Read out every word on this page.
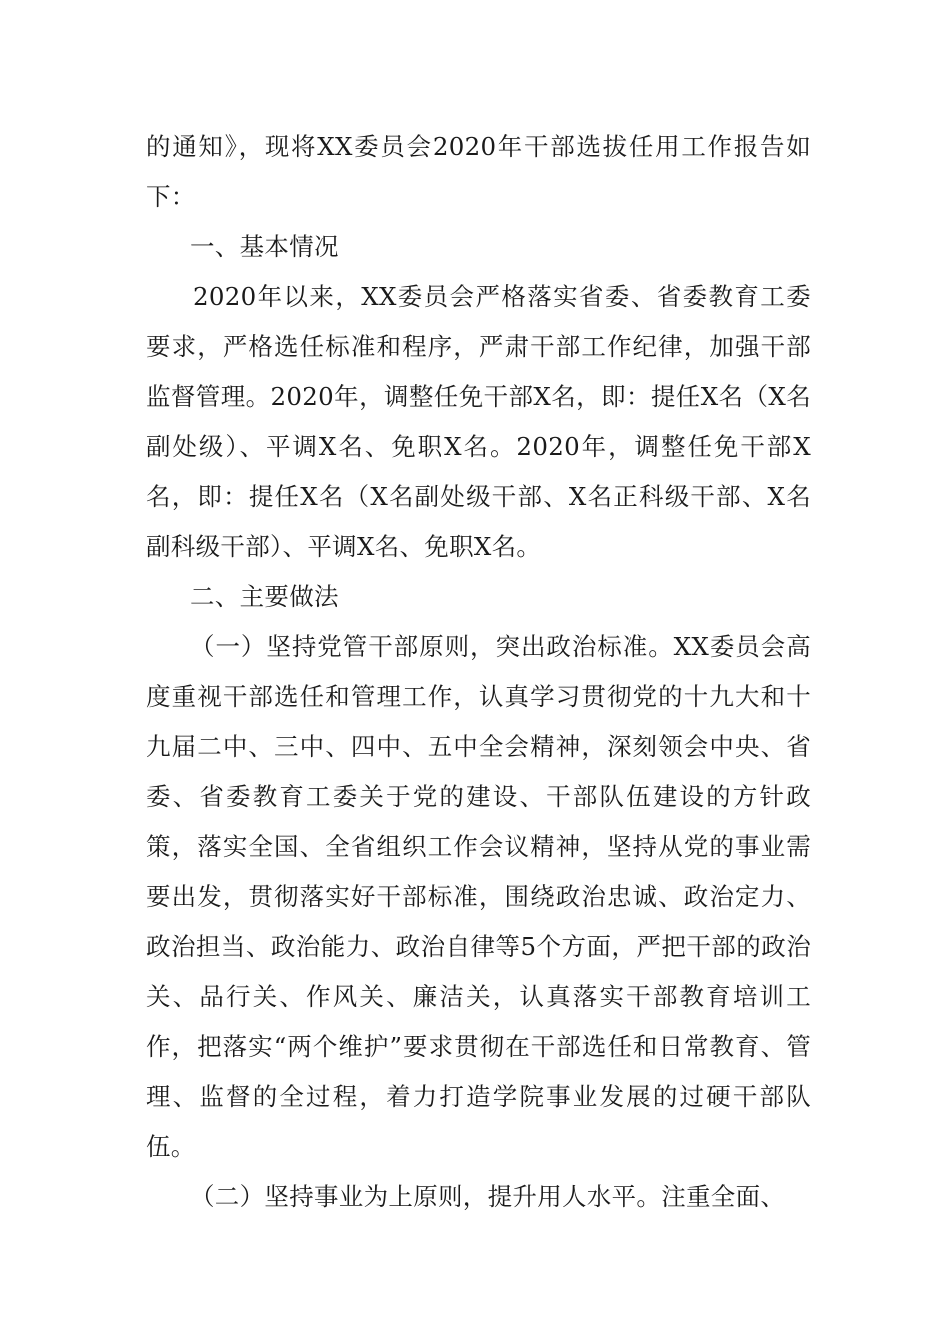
的通知》，现将XX委员会2020年干部选拔任用工作报告如下：

一、基本情况

2020年以来，XX委员会严格落实省委、省委教育工委要求，严格选任标准和程序，严肃干部工作纪律，加强干部监督管理。2020年，调整任免干部X名，即：提任X名（X名副处级）、平调X名、免职X名。2020年，调整任免干部X名，即：提任X名（X名副处级干部、X名正科级干部、X名副科级干部）、平调X名、免职X名。

二、主要做法

（一）坚持党管干部原则，突出政治标准。XX委员会高度重视干部选任和管理工作，认真学习贯彻党的十九大和十九届二中、三中、四中、五中全会精神，深刻领会中央、省委、省委教育工委关于党的建设、干部队伍建设的方针政策，落实全国、全省组织工作会议精神，坚持从党的事业需要出发，贯彻落实好干部标准，围绕政治忠诚、政治定力、政治担当、政治能力、政治自律等5个方面，严把干部的政治关、品行关、作风关、廉洁关，认真落实干部教育培训工作，把落实“两个维护”要求贯彻在干部选任和日常教育、管理、监督的全过程，着力打造学院事业发展的过硬干部队伍。

（二）坚持事业为上原则，提升用人水平。注重全面、
